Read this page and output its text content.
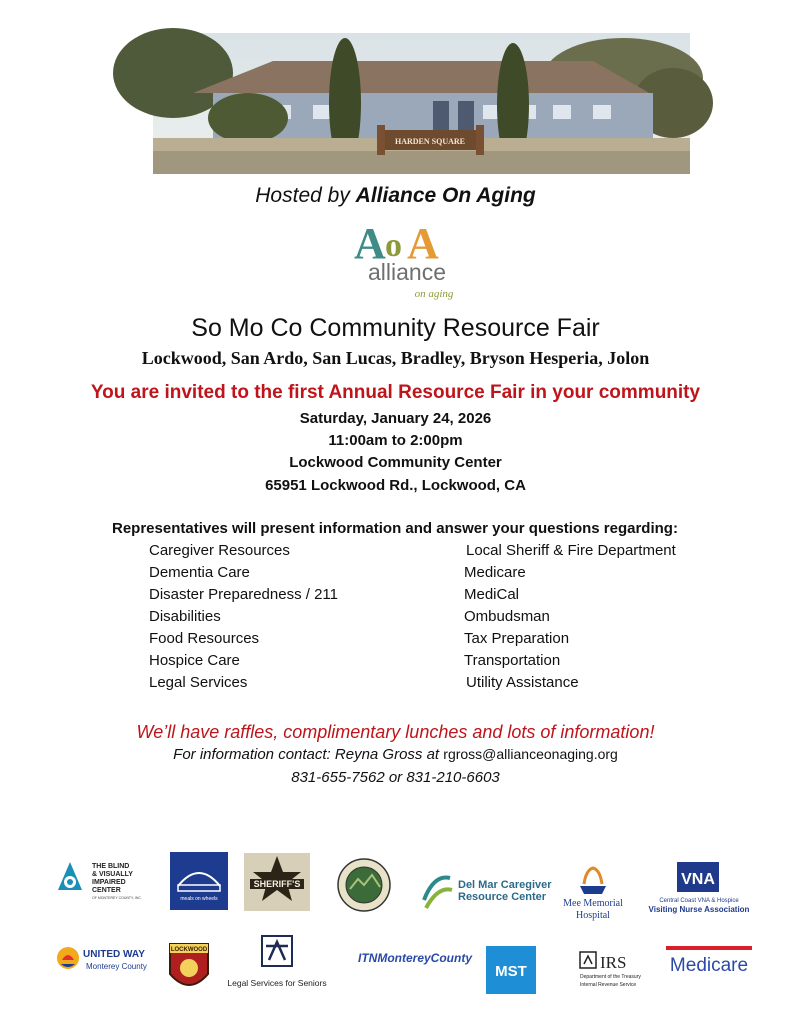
HARDEN SQUARE
Hosted by Alliance On Aging
A o A
alliance
on aging
So Mo Co Community Resource Fair
Lockwood, San Ardo, San Lucas, Bradley, Bryson Hesperia, Jolon
You are invited to the first Annual Resource Fair in your community
Saturday, January 24, 2026
11:00am to 2:00pm
Lockwood Community Center
65951 Lockwood Rd., Lockwood, CA
Representatives will present information and answer your questions regarding:
Caregiver Resources
Dementia Care
Disaster Preparedness / 211
Disabilities
Food Resources
Hospice Care
Legal Services
Local Sheriff & Fire Department
Medicare
MediCal
Ombudsman
Tax Preparation
Transportation
Utility Assistance
We’ll have raffles, complimentary lunches and lots of information!
For information contact: Reyna Gross at rgross@allianceonaging.org
831-655-7562 or 831-210-6603
THE BLIND
& VISUALLY
IMPAIRED
CENTER
OF MONTEREY COUNTY, INC.	meals on wheels
SHERIFF'S	Del Mar Caregiver
Resource Center
Mee Memorial
Hospital
VNA
Central Coast VNA & Hospice
Visiting Nurse Association
UNITED WAY
Monterey County
LOCKWOOD
Legal Services for Seniors
ITNMontereyCounty
MST	IRS
Department of the Treasury
Internal Revenue Service
Medicare
